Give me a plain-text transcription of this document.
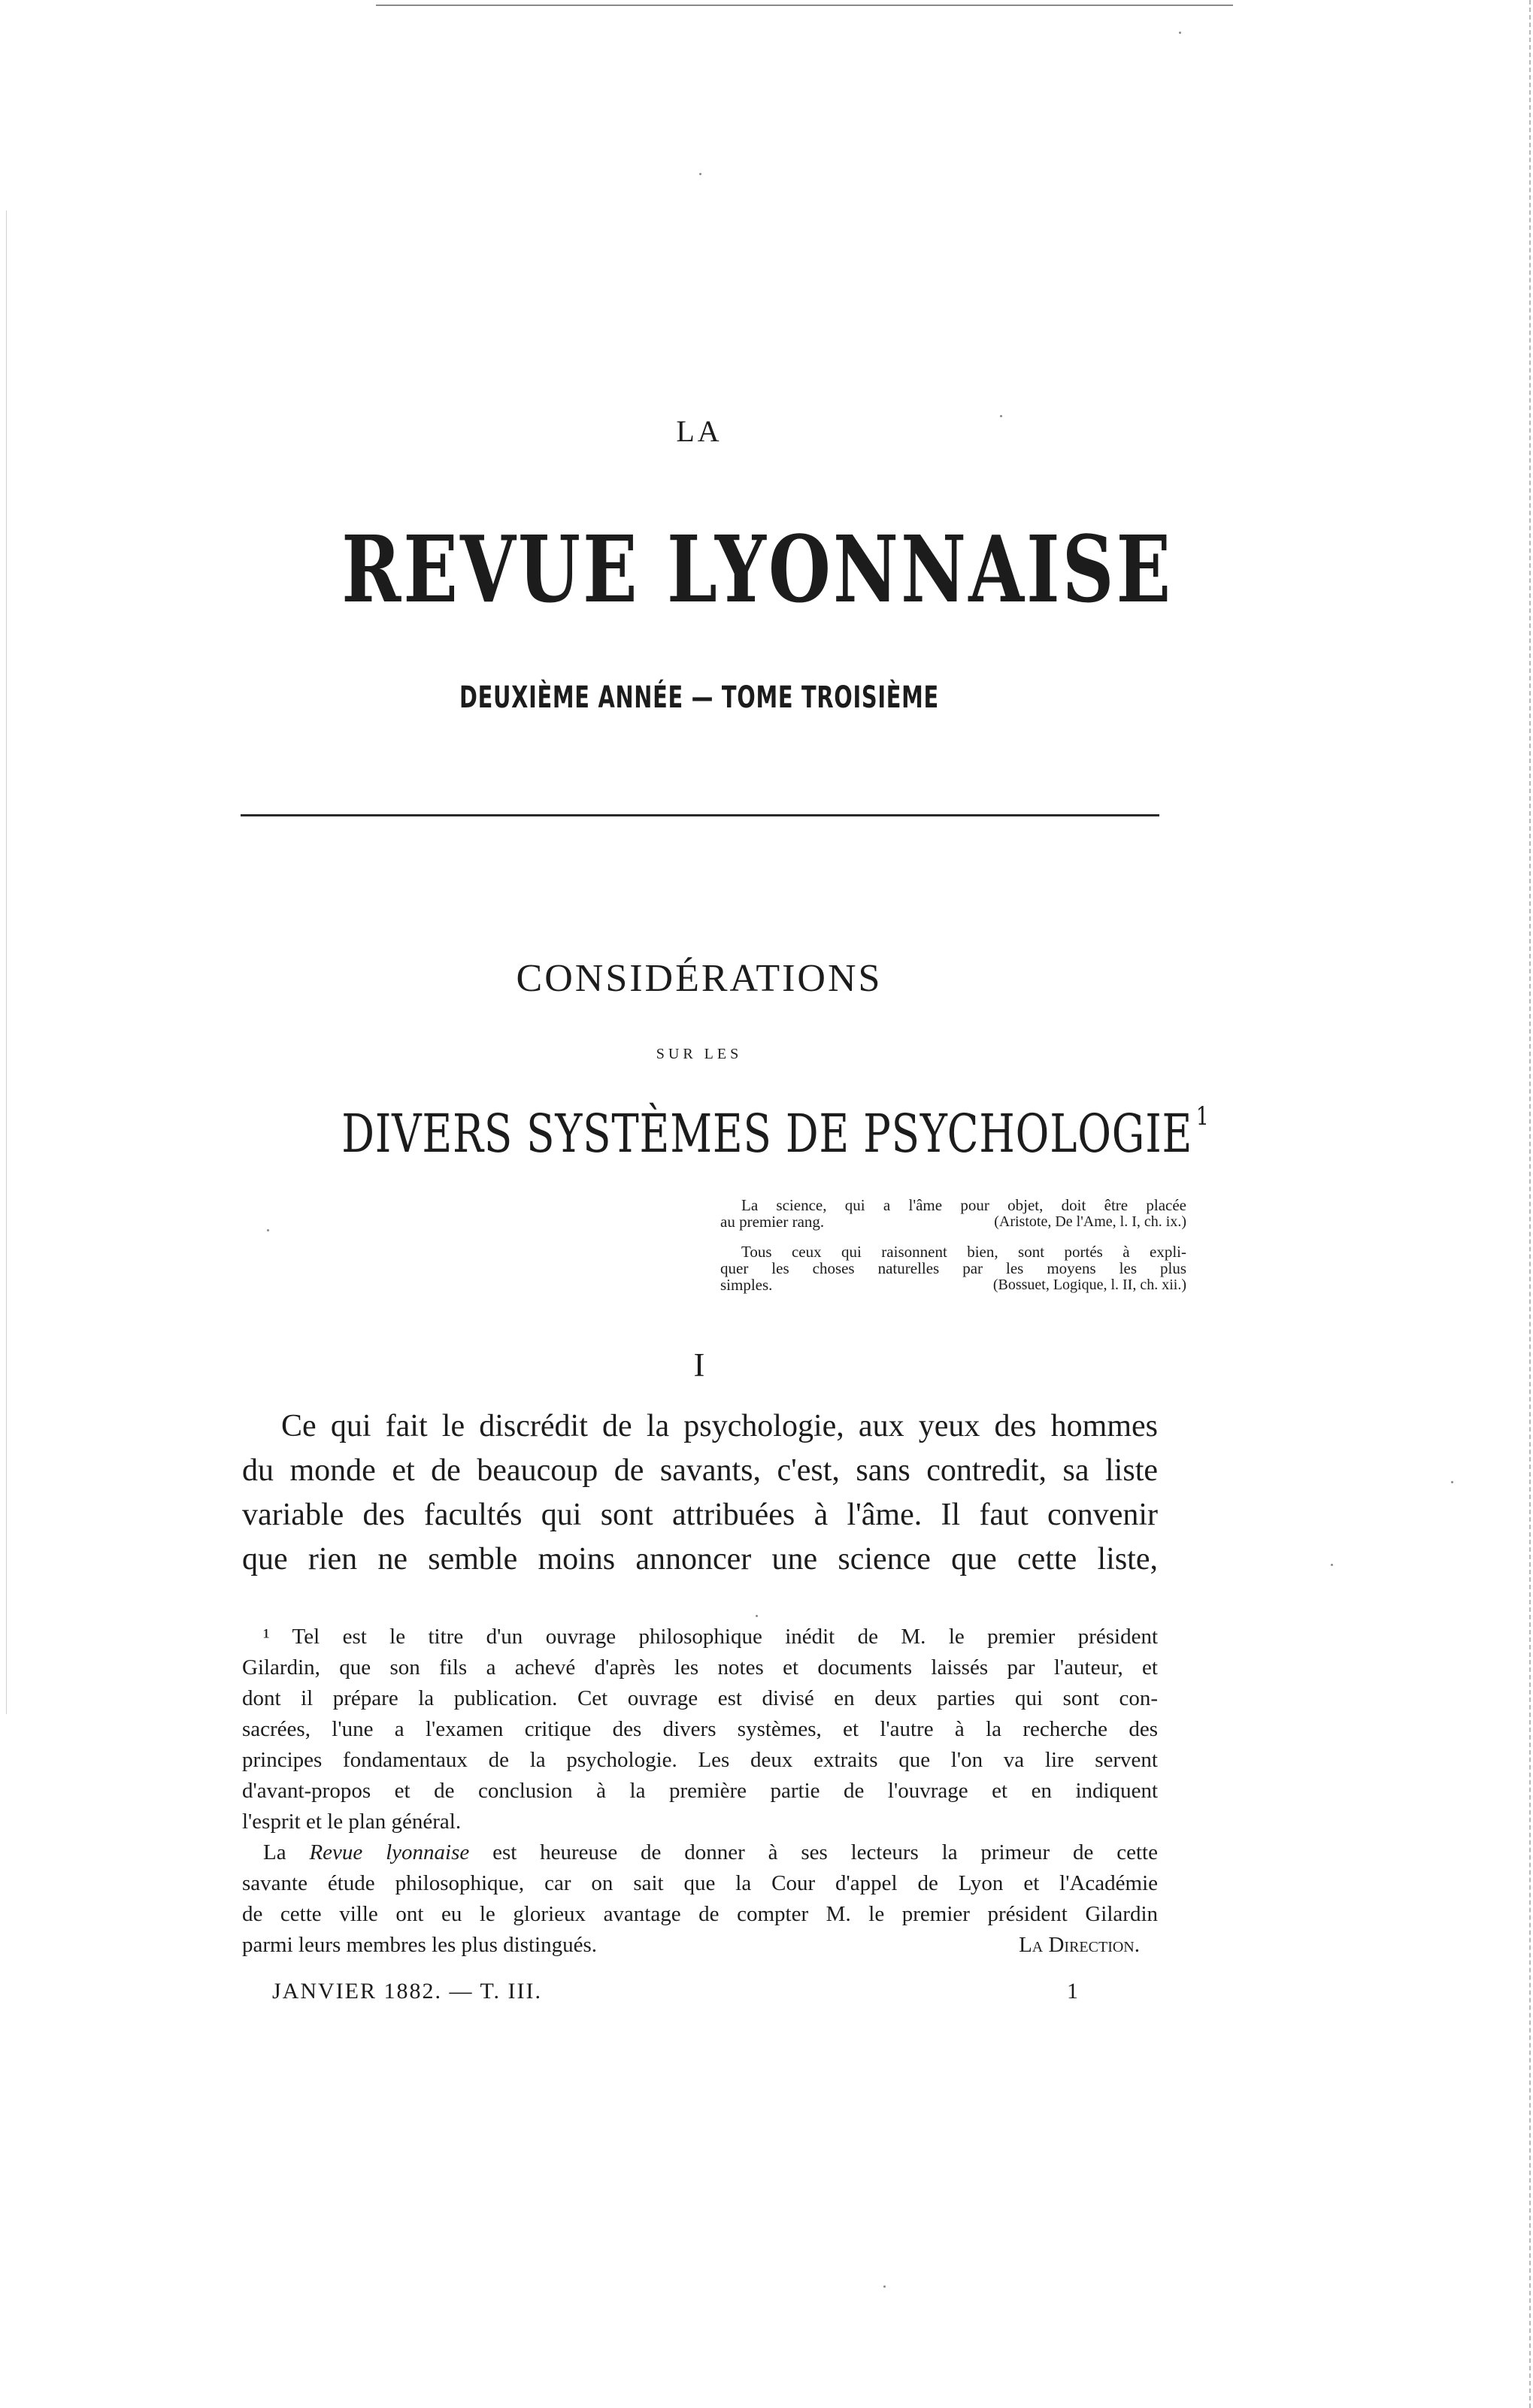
LA
REVUE LYONNAISE
DEUXIÈME ANNÉE — TOME TROISIÈME
CONSIDÉRATIONS
SUR LES
DIVERS SYSTÈMES DE PSYCHOLOGIE $^1$
La science, qui a l'âme pour objet, doit être placée
au premier rang.	(Aristote, De l'Ame, l. I, ch. ix.)
Tous ceux qui raisonnent bien, sont portés à expli-
quer les choses naturelles par les moyens les plus
simples.	(Bossuet, Logique, l. II, ch. xii.)
I
Ce qui fait le discrédit de la psychologie, aux yeux des hommes
du monde et de beaucoup de savants, c'est, sans contredit, sa liste
variable des facultés qui sont attribuées à l'âme. Il faut convenir
que rien ne semble moins annoncer une science que cette liste,
¹ Tel est le titre d'un ouvrage philosophique inédit de M. le premier président
Gilardin, que son fils a achevé d'après les notes et documents laissés par l'auteur, et
dont il prépare la publication. Cet ouvrage est divisé en deux parties qui sont con-
sacrées, l'une a l'examen critique des divers systèmes, et l'autre à la recherche des
principes fondamentaux de la psychologie. Les deux extraits que l'on va lire servent
d'avant-propos et de conclusion à la première partie de l'ouvrage et en indiquent
l'esprit et le plan général.
La Revue lyonnaise est heureuse de donner à ses lecteurs la primeur de cette
savante étude philosophique, car on sait que la Cour d'appel de Lyon et l'Académie
de cette ville ont eu le glorieux avantage de compter M. le premier président Gilardin
parmi leurs membres les plus distingués.	La Direction.
JANVIER 1882. — T. III.	1
